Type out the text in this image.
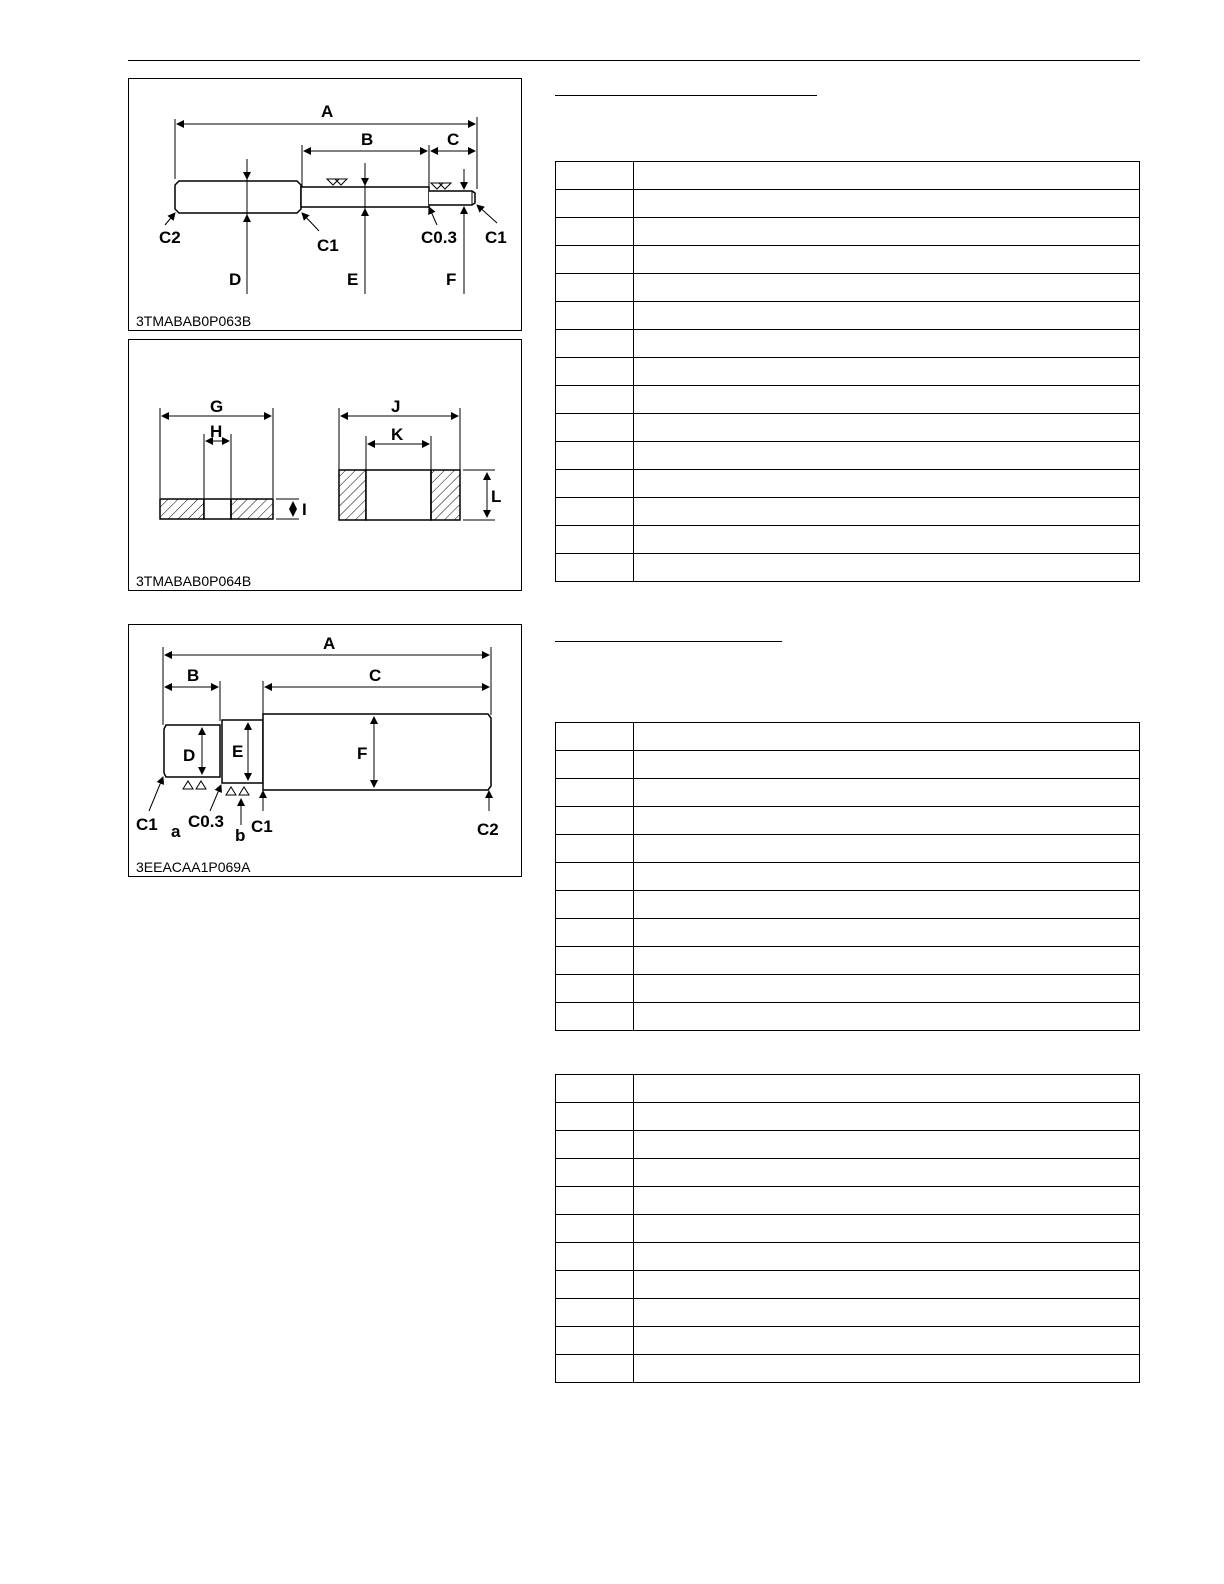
A
B	C
D	E	F
C2	C1	C0.3 C1
3TMABAB0P063B
G
H
I
J
K
L
3TMABAB0P064B
A
B	C
D E	F
C1 a
C0.3
b C1	C2
3EEACAA1P069A
